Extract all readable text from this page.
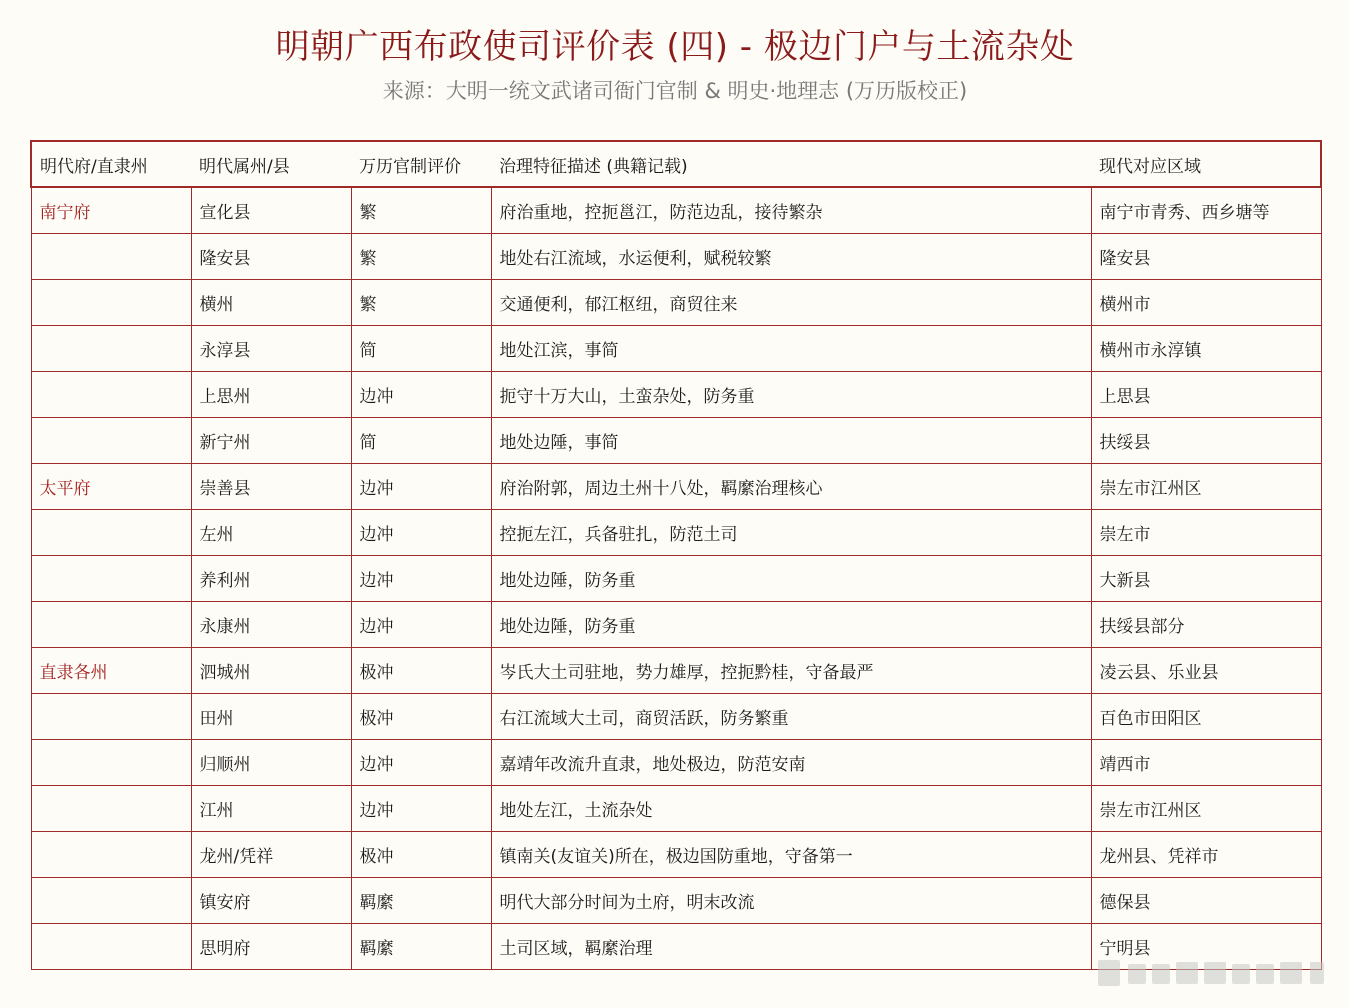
明朝广西布政使司评价表 (四) - 极边门户与土流杂处
来源：大明一统文武诸司衙门官制 & 明史·地理志 (万历版校正)
明代府/直隶州	明代属州/县	万历官制评价	治理特征描述 (典籍记载)	现代对应区域
南宁府	宣化县	繁	府治重地，控扼邕江，防范边乱，接待繁杂	南宁市青秀、西乡塘等
	隆安县	繁	地处右江流域，水运便利，赋税较繁	隆安县
	横州	繁	交通便利，郁江枢纽，商贸往来	横州市
	永淳县	简	地处江滨，事简	横州市永淳镇
	上思州	边冲	扼守十万大山，土蛮杂处，防务重	上思县
	新宁州	简	地处边陲，事简	扶绥县
太平府	崇善县	边冲	府治附郭，周边土州十八处，羁縻治理核心	崇左市江州区
	左州	边冲	控扼左江，兵备驻扎，防范土司	崇左市
	养利州	边冲	地处边陲，防务重	大新县
	永康州	边冲	地处边陲，防务重	扶绥县部分
直隶各州	泗城州	极冲	岑氏大土司驻地，势力雄厚，控扼黔桂，守备最严	凌云县、乐业县
	田州	极冲	右江流域大土司，商贸活跃，防务繁重	百色市田阳区
	归顺州	边冲	嘉靖年改流升直隶，地处极边，防范安南	靖西市
	江州	边冲	地处左江，土流杂处	崇左市江州区
	龙州/凭祥	极冲	镇南关(友谊关)所在，极边国防重地，守备第一	龙州县、凭祥市
	镇安府	羁縻	明代大部分时间为土府，明末改流	德保县
	思明府	羁縻	土司区域，羁縻治理	宁明县
